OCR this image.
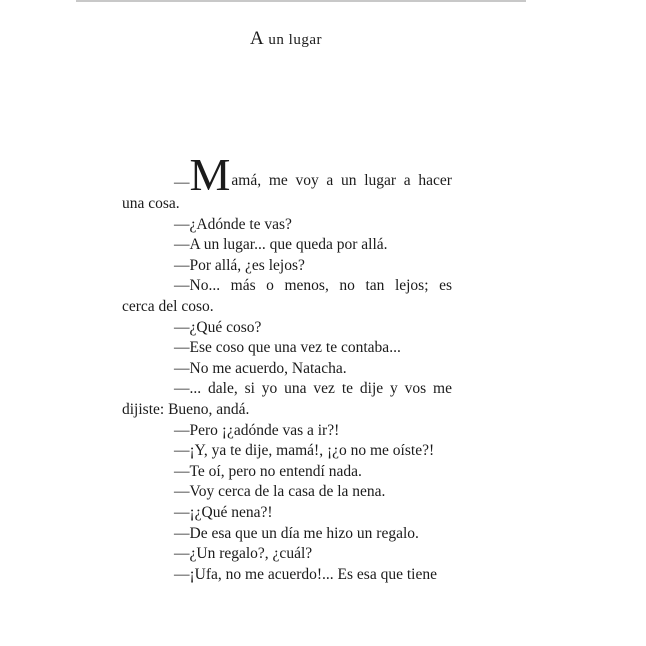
A un lugar
— M amá, me voy a un lugar a hacer
una cosa.
—¿Adónde te vas?
—A un lugar... que queda por allá.
—Por allá, ¿es lejos?
—No... más o menos, no tan lejos; es
cerca del coso.
—¿Qué coso?
—Ese coso que una vez te contaba...
—No me acuerdo, Natacha.
—... dale, si yo una vez te dije y vos me
dijiste: Bueno, andá.
—Pero ¡¿adónde vas a ir?!
—¡Y, ya te dije, mamá!, ¡¿o no me oíste?!
—Te oí, pero no entendí nada.
—Voy cerca de la casa de la nena.
—¡¿Qué nena?!
—De esa que un día me hizo un regalo.
—¿Un regalo?, ¿cuál?
—¡Ufa, no me acuerdo!... Es esa que tiene
